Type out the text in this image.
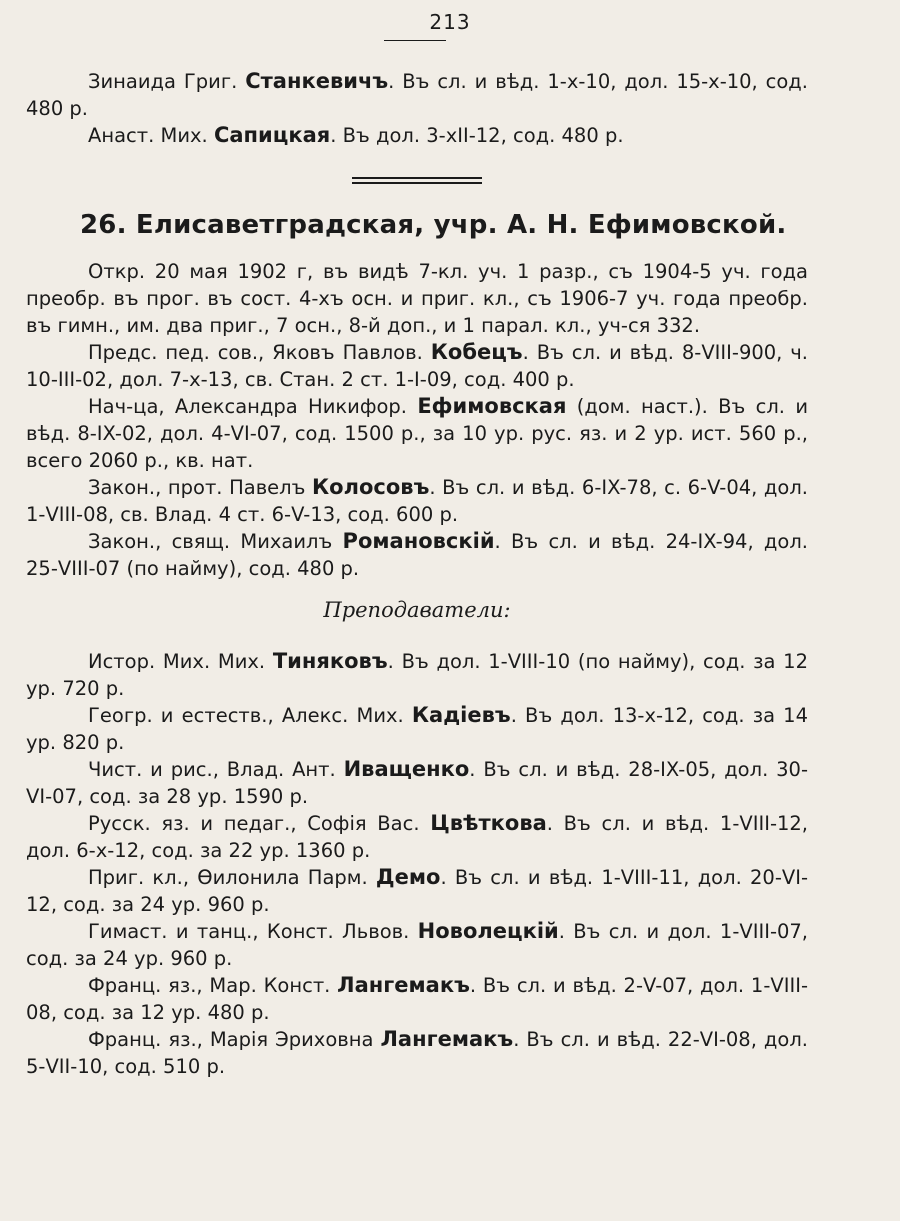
213

Зинаида Григ. Станкевичъ. Въ сл. и вѣд. 1-х-10, дол. 15-х-10, сод. 480 р.

Анаст. Мих. Сапицкая. Въ дол. 3-хII-12, сод. 480 р.

26. Елисаветградская, учр. А. Н. Ефимовской.

Откр. 20 мая 1902 г, въ видѣ 7-кл. уч. 1 разр., съ 1904-5 уч. года преобр. въ прог. въ сост. 4-хъ осн. и приг. кл., съ 1906-7 уч. года преобр. въ гимн., им. два приг., 7 осн., 8-й доп., и 1 парал. кл., уч-ся 332.

Предс. пед. сов., Яковъ Павлов. Кобецъ. Въ сл. и вѣд. 8-VIII-900, ч. 10-III-02, дол. 7-х-13, св. Стан. 2 ст. 1-I-09, сод. 400 р.

Нач-ца, Александра Никифор. Ефимовская (дом. наст.). Въ сл. и вѣд. 8-IX-02, дол. 4-VI-07, сод. 1500 р., за 10 ур. рус. яз. и 2 ур. ист. 560 р., всего 2060 р., кв. нат.

Закон., прот. Павелъ Колосовъ. Въ сл. и вѣд. 6-IX-78, с. 6-V-04, дол. 1-VIII-08, св. Влад. 4 ст. 6-V-13, сод. 600 р.

Закон., свящ. Михаилъ Романовскій. Въ сл. и вѣд. 24-IX-94, дол. 25-VIII-07 (по найму), сод. 480 р.

Преподаватели:

Истор. Мих. Мих. Тиняковъ. Въ дол. 1-VIII-10 (по найму), сод. за 12 ур. 720 р.

Геогр. и естеств., Алекс. Мих. Кадіевъ. Въ дол. 13-х-12, сод. за 14 ур. 820 р.

Чист. и рис., Влад. Ант. Иващенко. Въ сл. и вѣд. 28-IX-05, дол. 30-VI-07, сод. за 28 ур. 1590 р.

Русск. яз. и педаг., Софія Вас. Цвѣткова. Въ сл. и вѣд. 1-VIII-12, дол. 6-х-12, сод. за 22 ур. 1360 р.

Приг. кл., Ѳилонила Парм. Демо. Въ сл. и вѣд. 1-VIII-11, дол. 20-VI-12, сод. за 24 ур. 960 р.

Гимаст. и танц., Конст. Львов. Новолецкій. Въ сл. и дол. 1-VIII-07, сод. за 24 ур. 960 р.

Франц. яз., Мар. Конст. Лангемакъ. Въ сл. и вѣд. 2-V-07, дол. 1-VIII-08, сод. за 12 ур. 480 р.

Франц. яз., Марія Эриховна Лангемакъ. Въ сл. и вѣд. 22-VI-08, дол. 5-VII-10, сод. 510 р.
